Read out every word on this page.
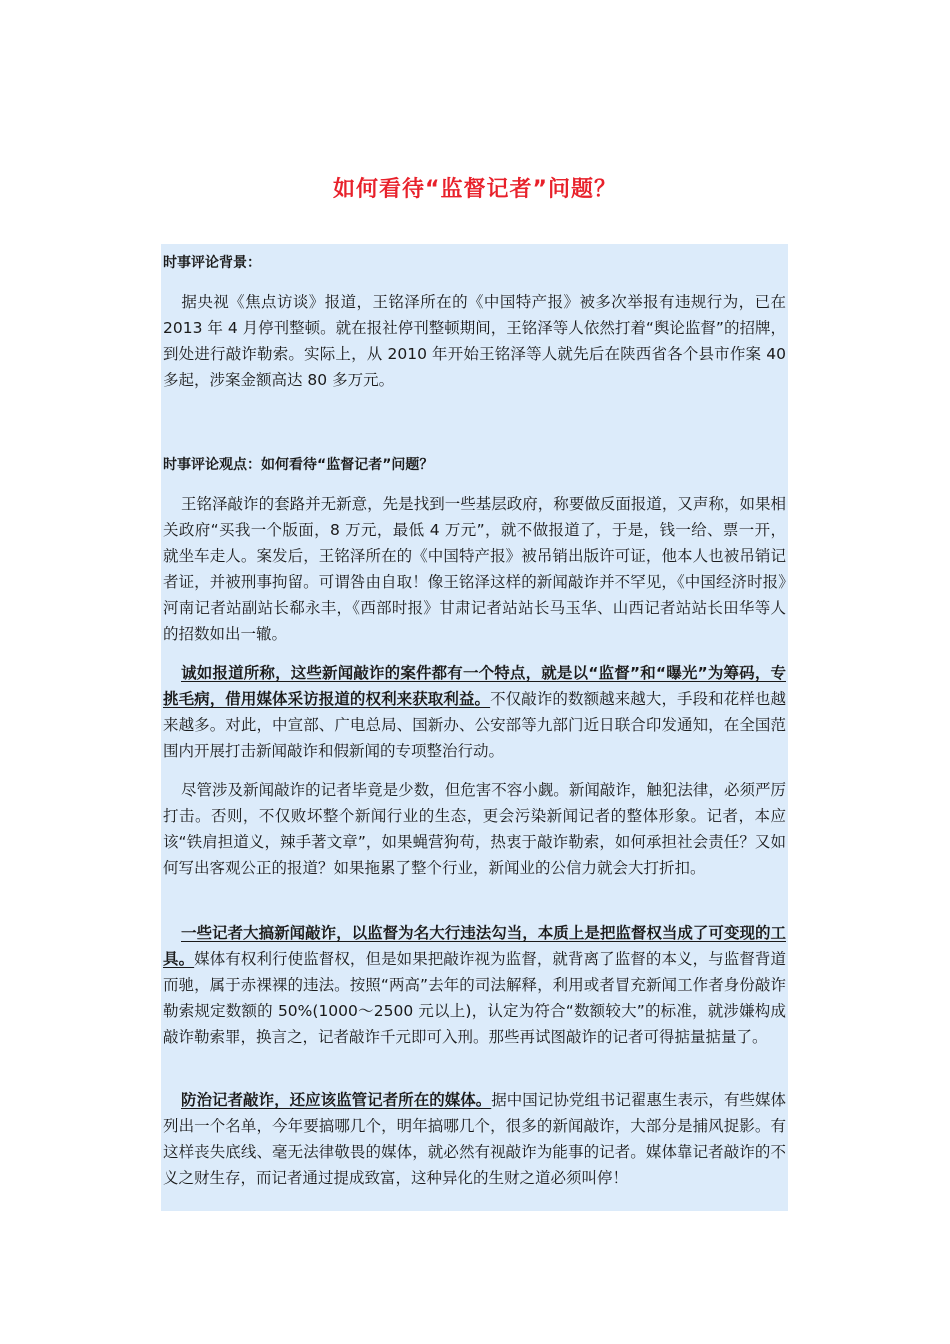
如何看待“监督记者”问题？
时事评论背景：
据央视《焦点访谈》报道，王铭泽所在的《中国特产报》被多次举报有违规行为，已在 2013 年 4 月停刊整顿。就在报社停刊整顿期间，王铭泽等人依然打着“舆论监督”的招牌，到处进行敲诈勒索。实际上，从 2010 年开始王铭泽等人就先后在陕西省各个县市作案 40 多起，涉案金额高达 80 多万元。
时事评论观点：如何看待“监督记者”问题？
王铭泽敲诈的套路并无新意，先是找到一些基层政府，称要做反面报道，又声称，如果相关政府“买我一个版面，8 万元，最低 4 万元”，就不做报道了，于是，钱一给、票一开，就坐车走人。案发后，王铭泽所在的《中国特产报》被吊销出版许可证，他本人也被吊销记者证，并被刑事拘留。可谓咎由自取！像王铭泽这样的新闻敲诈并不罕见，《中国经济时报》河南记者站副站长郗永丰，《西部时报》甘肃记者站站长马玉华、山西记者站站长田华等人的招数如出一辙。
诚如报道所称，这些新闻敲诈的案件都有一个特点，就是以“监督”和“曝光”为筹码，专挑毛病，借用媒体采访报道的权利来获取利益。不仅敲诈的数额越来越大，手段和花样也越来越多。对此，中宣部、广电总局、国新办、公安部等九部门近日联合印发通知，在全国范围内开展打击新闻敲诈和假新闻的专项整治行动。
尽管涉及新闻敲诈的记者毕竟是少数，但危害不容小觑。新闻敲诈，触犯法律，必须严厉打击。否则，不仅败坏整个新闻行业的生态，更会污染新闻记者的整体形象。记者，本应该“铁肩担道义，辣手著文章”，如果蝇营狗苟，热衷于敲诈勒索，如何承担社会责任？又如何写出客观公正的报道？如果拖累了整个行业，新闻业的公信力就会大打折扣。
一些记者大搞新闻敲诈，以监督为名大行违法勾当，本质上是把监督权当成了可变现的工具。媒体有权利行使监督权，但是如果把敲诈视为监督，就背离了监督的本义，与监督背道而驰，属于赤裸裸的违法。按照“两高”去年的司法解释，利用或者冒充新闻工作者身份敲诈勒索规定数额的 50%(1000～2500 元以上)，认定为符合“数额较大”的标准，就涉嫌构成敲诈勒索罪，换言之，记者敲诈千元即可入刑。那些再试图敲诈的记者可得掂量掂量了。
防治记者敲诈，还应该监管记者所在的媒体。据中国记协党组书记翟惠生表示，有些媒体列出一个名单，今年要搞哪几个，明年搞哪几个，很多的新闻敲诈，大部分是捕风捉影。有这样丧失底线、毫无法律敬畏的媒体，就必然有视敲诈为能事的记者。媒体靠记者敲诈的不义之财生存，而记者通过提成致富，这种异化的生财之道必须叫停！
